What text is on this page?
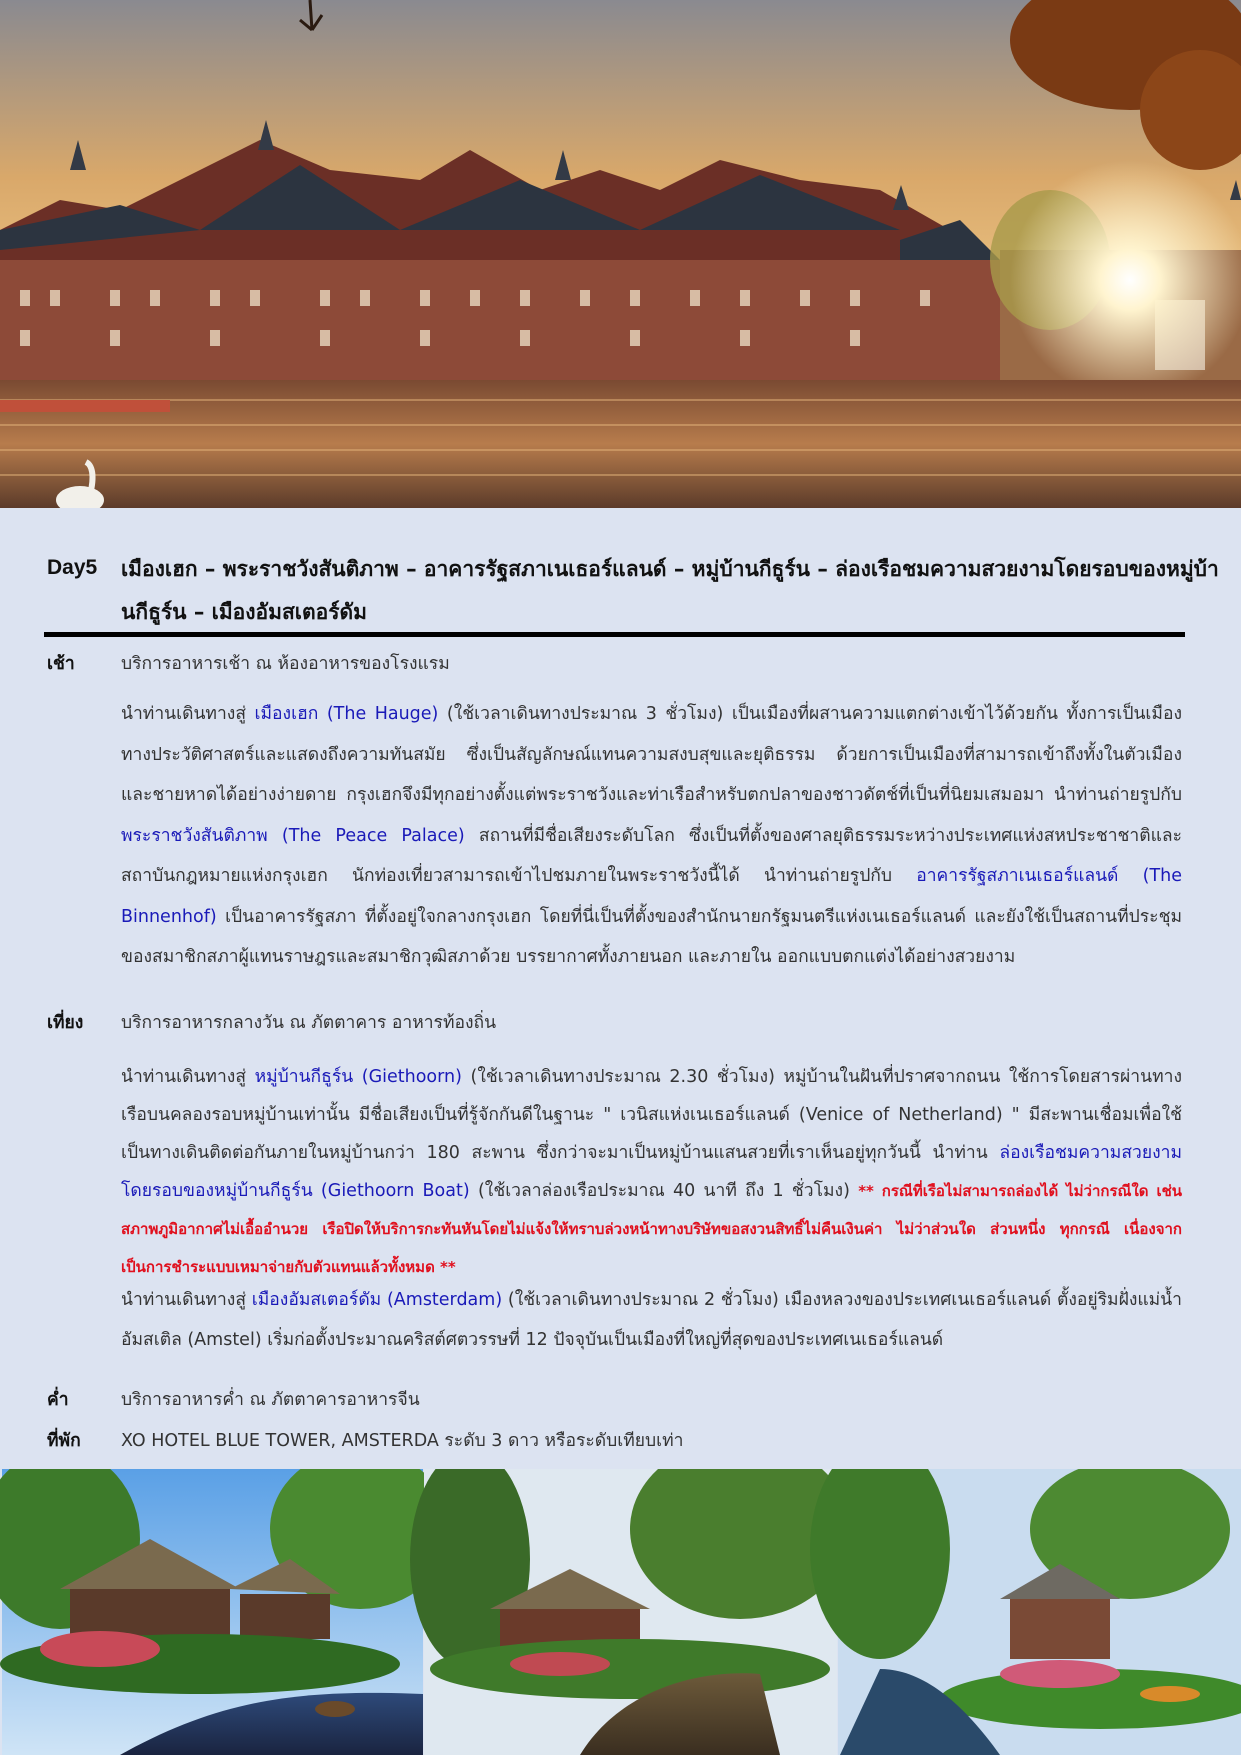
Day5 เมืองเฮก – พระราชวังสันติภาพ – อาคารรัฐสภาเนเธอร์แลนด์ – หมู่บ้านกีธูร์น – ล่องเรือชมความสวยงามโดยรอบของหมู่บ้านกีธูร์น – เมืองอัมสเตอร์ดัม
เช้า	บริการอาหารเช้า ณ ห้องอาหารของโรงแรม
นำท่านเดินทางสู่ เมืองเฮก (The Hauge) (ใช้เวลาเดินทางประมาณ 3 ชั่วโมง) เป็นเมืองที่ผสานความแตกต่างเข้าไว้ด้วยกัน ทั้งการเป็นเมืองทางประวัติศาสตร์และแสดงถึงความทันสมัย ซึ่งเป็นสัญลักษณ์แทนความสงบสุขและยุติธรรม ด้วยการเป็นเมืองที่สามารถเข้าถึงทั้งในตัวเมืองและชายหาดได้อย่างง่ายดาย กรุงเฮกจึงมีทุกอย่างตั้งแต่พระราชวังและท่าเรือสำหรับตกปลาของชาวดัตช์ที่เป็นที่นิยมเสมอมา นำท่านถ่ายรูปกับ พระราชวังสันติภาพ (The Peace Palace) สถานที่มีชื่อเสียงระดับโลก ซึ่งเป็นที่ตั้งของศาลยุติธรรมระหว่างประเทศแห่งสหประชาชาติและสถาบันกฎหมายแห่งกรุงเฮก นักท่องเที่ยวสามารถเข้าไปชมภายในพระราชวังนี้ได้ นำท่านถ่ายรูปกับ อาคารรัฐสภาเนเธอร์แลนด์ (The Binnenhof) เป็นอาคารรัฐสภา ที่ตั้งอยู่ใจกลางกรุงเฮก โดยที่นี่เป็นที่ตั้งของสำนักนายกรัฐมนตรีแห่งเนเธอร์แลนด์ และยังใช้เป็นสถานที่ประชุมของสมาชิกสภาผู้แทนราษฎรและสมาชิกวุฒิสภาด้วย บรรยากาศทั้งภายนอก และภายใน ออกแบบตกแต่งได้อย่างสวยงาม
เที่ยง	บริการอาหารกลางวัน ณ ภัตตาคาร อาหารท้องถิ่น
นำท่านเดินทางสู่ หมู่บ้านกีธูร์น (Giethoorn) (ใช้เวลาเดินทางประมาณ 2.30 ชั่วโมง) หมู่บ้านในฝันที่ปราศจากถนน ใช้การโดยสารผ่านทางเรือบนคลองรอบหมู่บ้านเท่านั้น มีชื่อเสียงเป็นที่รู้จักกันดีในฐานะ " เวนิสแห่งเนเธอร์แลนด์ (Venice of Netherland) " มีสะพานเชื่อมเพื่อใช้เป็นทางเดินติดต่อกันภายในหมู่บ้านกว่า 180 สะพาน ซึ่งกว่าจะมาเป็นหมู่บ้านแสนสวยที่เราเห็นอยู่ทุกวันนี้ นำท่าน ล่องเรือชมความสวยงามโดยรอบของหมู่บ้านกีธูร์น (Giethoorn Boat) (ใช้เวลาล่องเรือประมาณ 40 นาที ถึง 1 ชั่วโมง) ** กรณีที่เรือไม่สามารถล่องได้ ไม่ว่ากรณีใด เช่น สภาพภูมิอากาศไม่เอื้ออำนวย เรือปิดให้บริการกะทันหันโดยไม่แจ้งให้ทราบล่วงหน้าทางบริษัทขอสงวนสิทธิ์ไม่คืนเงินค่า ไม่ว่าส่วนใด ส่วนหนึ่ง ทุกกรณี เนื่องจากเป็นการชำระแบบเหมาจ่ายกับตัวแทนแล้วทั้งหมด **
นำท่านเดินทางสู่ เมืองอัมสเตอร์ดัม (Amsterdam) (ใช้เวลาเดินทางประมาณ 2 ชั่วโมง) เมืองหลวงของประเทศเนเธอร์แลนด์ ตั้งอยู่ริมฝั่งแม่น้ำอัมสเติล (Amstel) เริ่มก่อตั้งประมาณคริสต์ศตวรรษที่ 12 ปัจจุบันเป็นเมืองที่ใหญ่ที่สุดของประเทศเนเธอร์แลนด์
ค่ำ	บริการอาหารค่ำ ณ ภัตตาคารอาหารจีน
ที่พัก	XO HOTEL BLUE TOWER, AMSTERDA ระดับ 3 ดาว หรือระดับเทียบเท่า
